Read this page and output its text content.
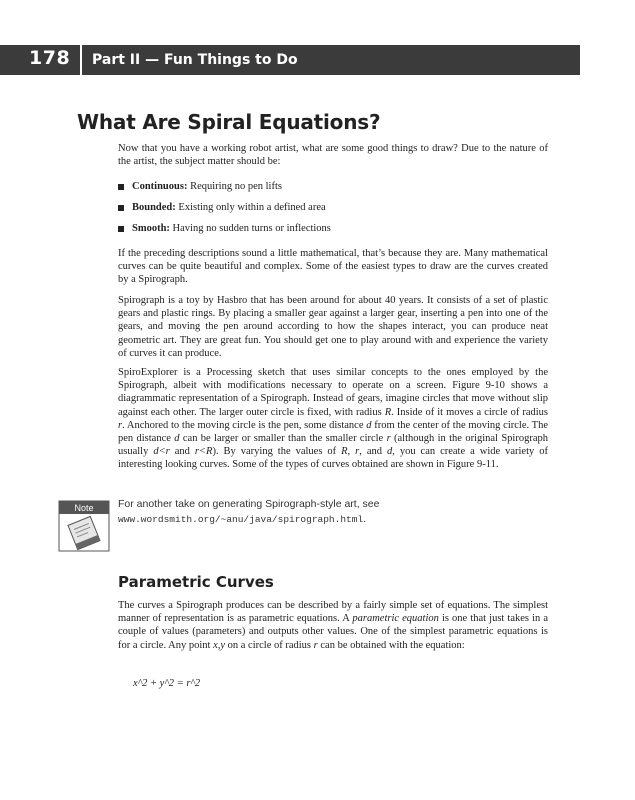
178 Part II — Fun Things to Do
What Are Spiral Equations?

Now that you have a working robot artist, what are some good things to draw? Due to the nature of the artist, the subject matter should be:

Continuous: Requiring no pen lifts
Bounded: Existing only within a defined area
Smooth: Having no sudden turns or inflections

If the preceding descriptions sound a little mathematical, that’s because they are. Many mathematical curves can be quite beautiful and complex. Some of the easiest types to draw are the curves created by a Spirograph.

Spirograph is a toy by Hasbro that has been around for about 40 years. It consists of a set of plastic gears and plastic rings. By placing a smaller gear against a larger gear, inserting a pen into one of the gears, and moving the pen around according to how the shapes interact, you can produce neat geometric art. They are great fun. You should get one to play around with and experience the variety of curves it can produce.

SpiroExplorer is a Processing sketch that uses similar concepts to the ones employed by the Spirograph, albeit with modifications necessary to operate on a screen. Figure 9-10 shows a diagrammatic representation of a Spirograph. Instead of gears, imagine circles that move without slip against each other. The larger outer circle is fixed, with radius R. Inside of it moves a circle of radius r. Anchored to the moving circle is the pen, some distance d from the center of the moving circle. The pen distance d can be larger or smaller than the smaller circle r (although in the original Spirograph usually d<r and r<R). By varying the values of R, r, and d, you can create a wide variety of interesting looking curves. Some of the types of curves obtained are shown in Figure 9-11.

Note For another take on generating Spirograph-style art, see www.wordsmith.org/~anu/java/spirograph.html.

Parametric Curves

The curves a Spirograph produces can be described by a fairly simple set of equations. The simplest manner of representation is as parametric equations. A parametric equation is one that just takes in a couple of values (parameters) and outputs other values. One of the simplest parametric equations is for a circle. Any point x,y on a circle of radius r can be obtained with the equation:

x^2 + y^2 = r^2
